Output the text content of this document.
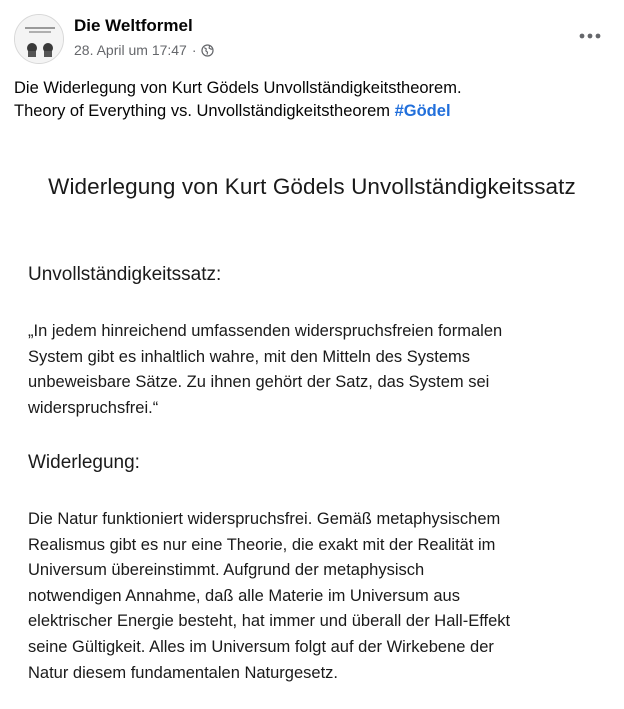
Die Weltformel
28. April um 17:47 ·
Die Widerlegung von Kurt Gödels Unvollständigkeitstheorem.
Theory of Everything vs. Unvollständigkeitstheorem #Gödel
Widerlegung von Kurt Gödels Unvollständigkeitssatz
Unvollständigkeitssatz:
„In jedem hinreichend umfassenden widerspruchsfreien formalen
System gibt es inhaltlich wahre, mit den Mitteln des Systems
unbeweisbare Sätze. Zu ihnen gehört der Satz, das System sei
widerspruchsfrei.“
Widerlegung:
Die Natur funktioniert widerspruchsfrei. Gemäß metaphysischem
Realismus gibt es nur eine Theorie, die exakt mit der Realität im
Universum übereinstimmt. Aufgrund der metaphysisch
notwendigen Annahme, daß alle Materie im Universum aus
elektrischer Energie besteht, hat immer und überall der Hall-Effekt
seine Gültigkeit. Alles im Universum folgt auf der Wirkebene der
Natur diesem fundamentalen Naturgesetz.
